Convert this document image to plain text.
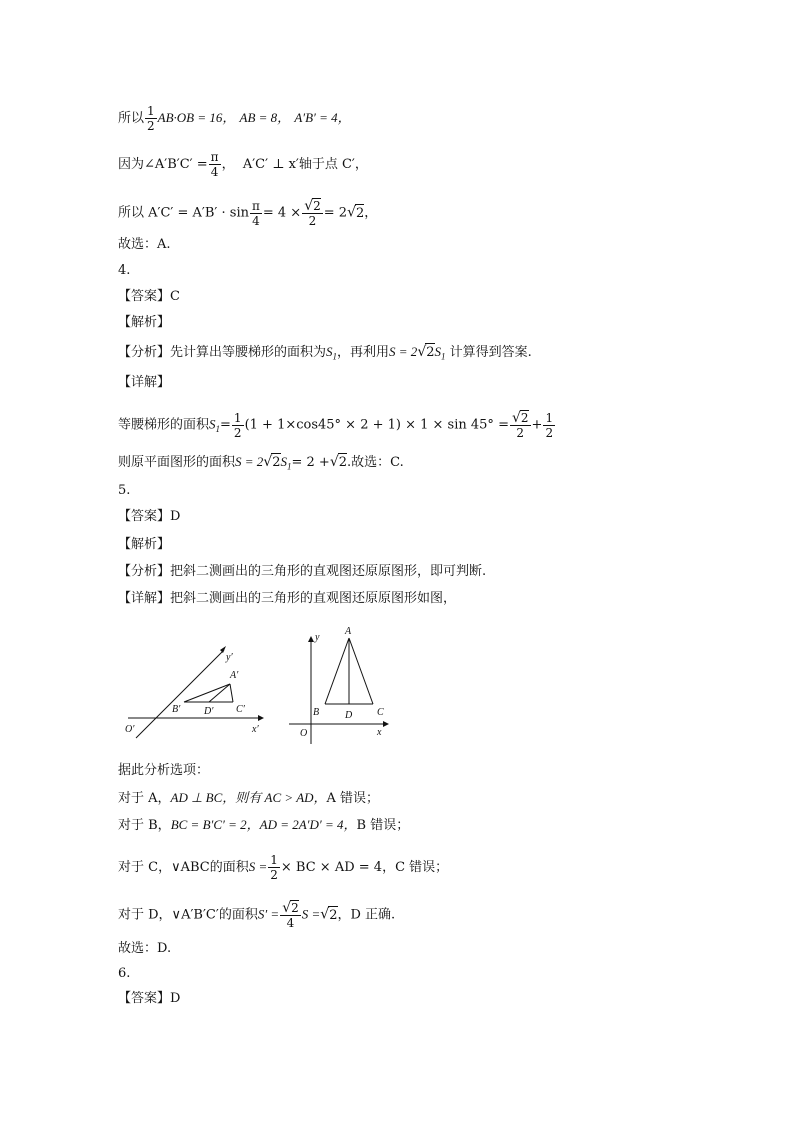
所以 $\frac{1}{2} AB\cdot OB = 16$， AB = 8， A′B′ = 4，
因为∠A′B′C′ = $\frac{\pi}{4}$ ， A′C′ ⊥ x′轴于点 C′，
所以 $A'C' = A'B' \cdot \sin \frac{\pi}{4} = 4 \times \frac{√2}{2} = 2√2$，
故选：A.
4.
【答案】C
【解析】
【分析】先计算出等腰梯形的面积为$S_1$，再利用$S = 2√2S_1$ 计算得到答案.
【详解】
等腰梯形的面积$S_1= \frac{1}{2} (1 + 1\times\cos 45^\circ \times 2 + 1) \times 1 \times \sin 45^\circ = \frac{√2}{2} + \frac{1}{2}$
则原平面图形的面积$S = 2√2S_1= 2 +√2$.故选：C.
5.
【答案】D
【解析】
【分析】把斜二测画出的三角形的直观图还原原图形，即可判断.
【详解】把斜二测画出的三角形的直观图还原原图形如图，
y′
x′
O′
A′
B′	C′
D′
y
x
O
A
B	C
D
据此分析选项：
对于 A，AD ⊥ BC，则有 AC > AD，A 错误；
对于 B，BC = B′C′ = 2，AD = 2A′D′ = 4，B 错误；
对于 C，∨ABC的面积$S = \frac{1}{2}$ × BC × AD = 4，C 错误；
对于 D，∨A′B′C′的面积$S' = \frac{√2}{4}$ S =√2，D 正确.
故选：D.
6.
【答案】D
